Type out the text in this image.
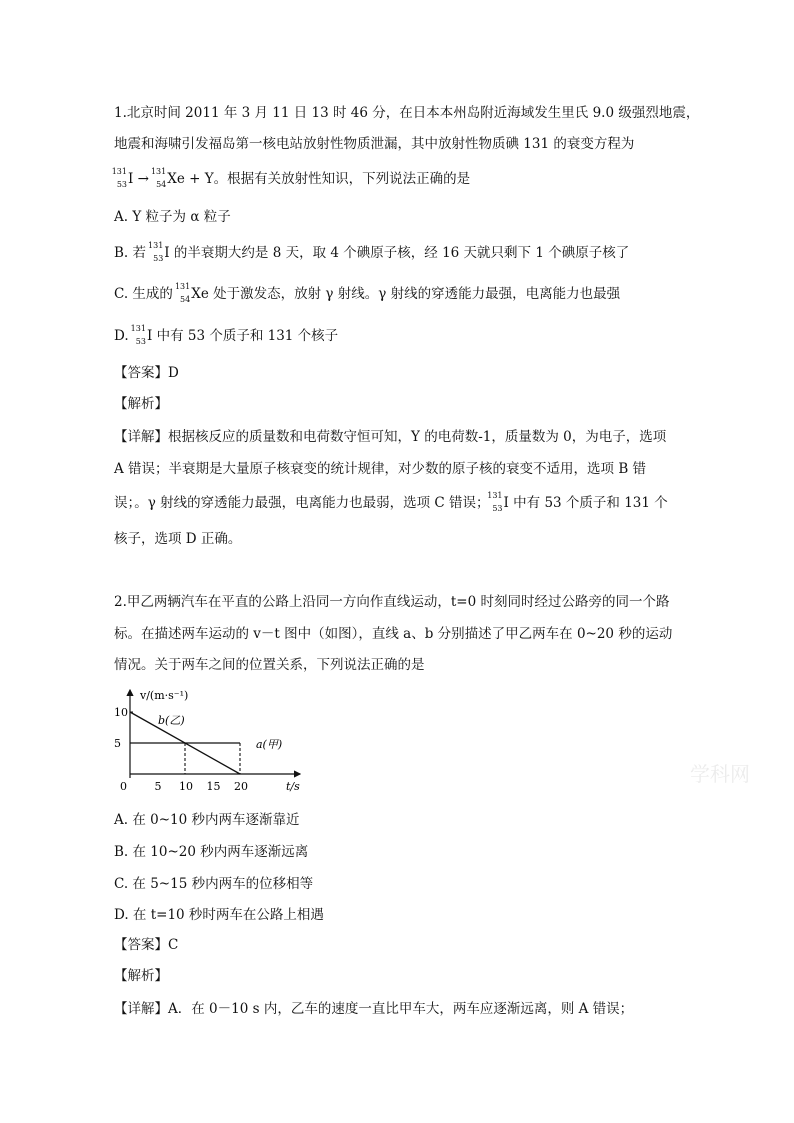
1.北京时间 2011 年 3 月 11 日 13 时 46 分，在日本本州岛附近海域发生里氏 9.0 级强烈地震，
地震和海啸引发福岛第一核电站放射性物质泄漏，其中放射性物质碘 131 的衰变方程为
131
53 I →
131
54 Xe + Y。根据有关放射性知识，下列说法正确的是
A. Y 粒子为 α 粒子
B. 若
131
53 I 的半衰期大约是 8 天，取 4 个碘原子核，经 16 天就只剩下 1 个碘原子核了
C. 生成的
131
54 Xe 处于激发态，放射 γ 射线。γ 射线的穿透能力最强，电离能力也最强
D.
131
53 I 中有 53 个质子和 131 个核子
【答案】D
【解析】
【详解】根据核反应的质量数和电荷数守恒可知，Y 的电荷数-1，质量数为 0，为电子，选项
A 错误；半衰期是大量原子核衰变的统计规律，对少数的原子核的衰变不适用，选项 B 错
误；。γ 射线的穿透能力最强，电离能力也最弱，选项 C 错误；
131
53 I 中有 53 个质子和 131 个
核子，选项 D 正确。
2.甲乙两辆汽车在平直的公路上沿同一方向作直线运动，t=0 时刻同时经过公路旁的同一个路
标。在描述两车运动的 v－t 图中（如图），直线 a、b 分别描述了甲乙两车在 0~20 秒的运动
情况。关于两车之间的位置关系，下列说法正确的是
v/(m·s⁻¹)
t/s
0
10
5
5 10 15 20
b(乙)
a(甲)
学科网
A. 在 0~10 秒内两车逐渐靠近
B. 在 10~20 秒内两车逐渐远离
C. 在 5~15 秒内两车的位移相等
D. 在 t=10 秒时两车在公路上相遇
【答案】C
【解析】
【详解】A．在 0－10 s 内，乙车的速度一直比甲车大，两车应逐渐远离，则 A 错误；
